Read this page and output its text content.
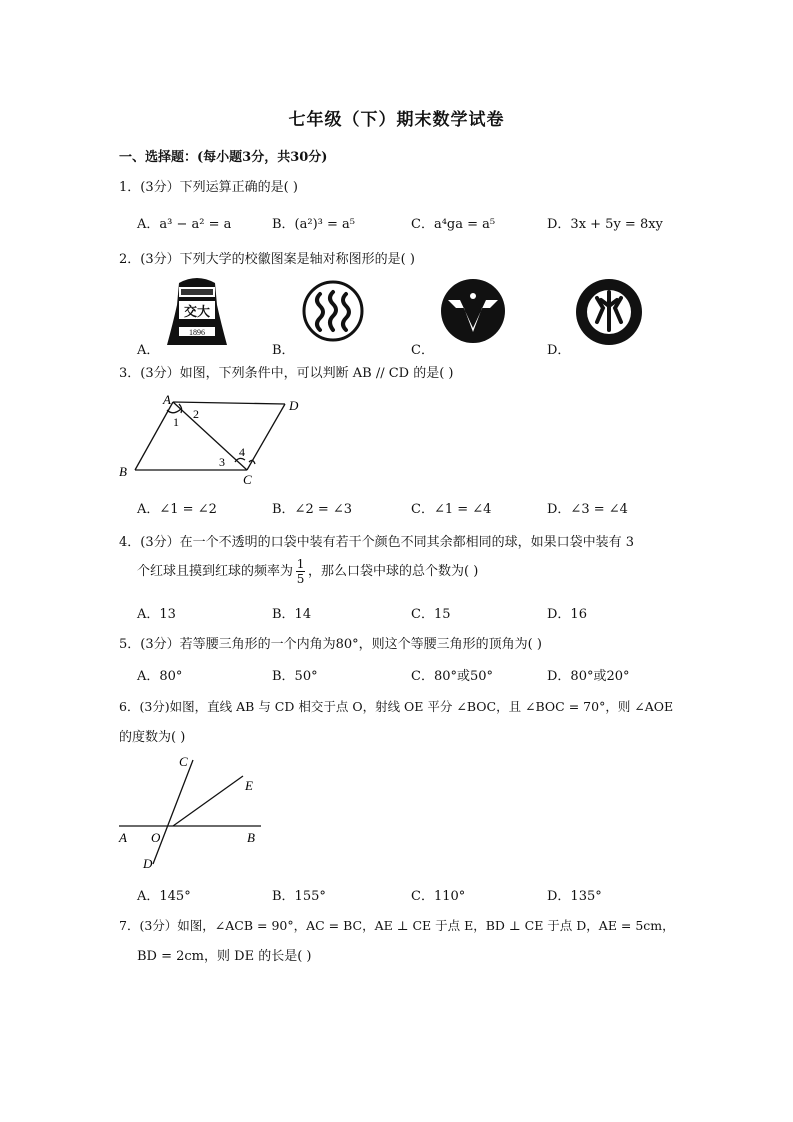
七年级（下）期末数学试卷
一、选择题：(每小题3分，共30分)
1．(3分）下列运算正确的是( )
A．a³ − a² = a	B．(a²)³ = a⁵	C．a⁴ga = a⁵	D．3x + 5y = 8xy
2．(3分）下列大学的校徽图案是轴对称图形的是( )
A．	B．	C．	D．
交大
1896
3．(3分）如图，下列条件中，可以判断 AB // CD 的是( )
A	D
B
C
1
2
3
4
A．∠1 = ∠2	B．∠2 = ∠3	C．∠1 = ∠4	D．∠3 = ∠4
4．(3分）在一个不透明的口袋中装有若干个颜色不同其余都相同的球，如果口袋中装有 3
个红球且摸到红球的频率为 $\frac{1}{5}$ ，那么口袋中球的总个数为( )
A．13	B．14	C．15	D．16
5．(3分）若等腰三角形的一个内角为80°，则这个等腰三角形的顶角为( )
A．80°	B．50°	C．80°或50°	D．80°或20°
6．(3分)如图，直线 AB 与 CD 相交于点 O，射线 OE 平分 ∠BOC，且 ∠BOC = 70°，则 ∠AOE
的度数为( )
C
E
A O	B
D
A．145°	B．155°	C．110°	D．135°
7．(3分）如图，∠ACB = 90°，AC = BC，AE ⊥ CE 于点 E，BD ⊥ CE 于点 D，AE = 5cm，
BD = 2cm，则 DE 的长是( )
